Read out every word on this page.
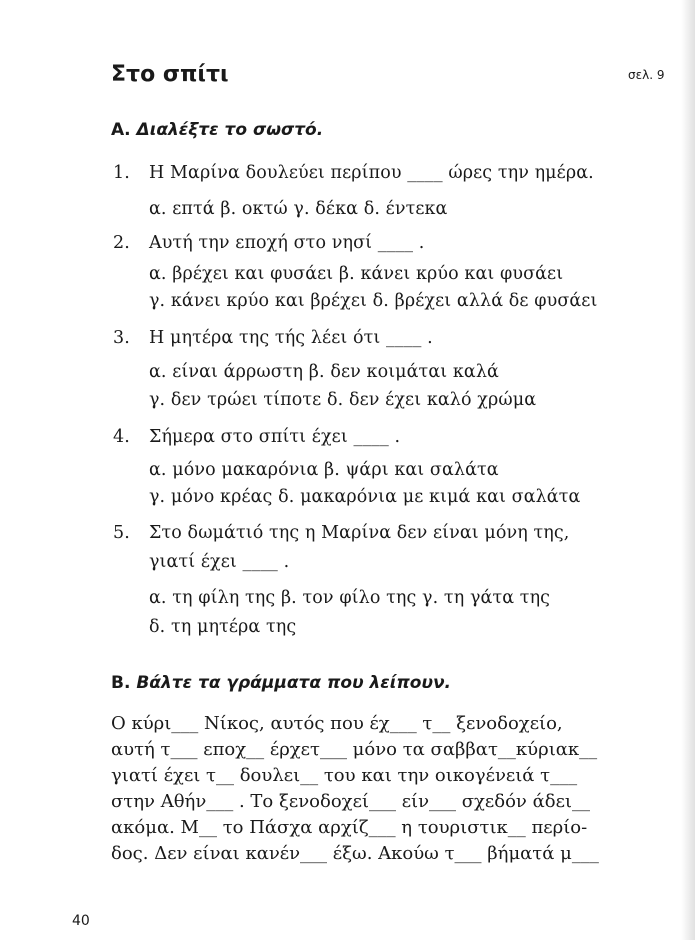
Στο σπίτι	σελ. 9
Α. Διαλέξτε το σωστό.
1. Η Μαρίνα δουλεύει περίπου ____ ώρες την ημέρα.
α. επτά β. οκτώ γ. δέκα δ. έντεκα
2. Αυτή την εποχή στο νησί ____ .
α. βρέχει και φυσάει β. κάνει κρύο και φυσάει
γ. κάνει κρύο και βρέχει δ. βρέχει αλλά δε φυσάει
3. Η μητέρα της τής λέει ότι ____ .
α. είναι άρρωστη β. δεν κοιμάται καλά
γ. δεν τρώει τίποτε δ. δεν έχει καλό χρώμα
4. Σήμερα στο σπίτι έχει ____ .
α. μόνο μακαρόνια β. ψάρι και σαλάτα
γ. μόνο κρέας δ. μακαρόνια με κιμά και σαλάτα
5. Στο δωμάτιό της η Μαρίνα δεν είναι μόνη της,
γιατί έχει ____ .
α. τη φίλη της β. τον φίλο της γ. τη γάτα της
δ. τη μητέρα της
Β. Βάλτε τα γράμματα που λείπουν.
Ο κύρι___ Νίκος, αυτός που έχ___ τ__ ξενοδοχείο,
αυτή τ___ εποχ__ έρχετ___ μόνο τα σαββατ__κύριακ__
γιατί έχει τ__ δουλει__ του και την οικογένειά τ___
στην Αθήν___ . Το ξενοδοχεί___ είν___ σχεδόν άδει__
ακόμα. Μ__ το Πάσχα αρχίζ___ η τουριστικ__ περίο-
δος. Δεν είναι κανέν___ έξω. Ακούω τ___ βήματά μ___
40
